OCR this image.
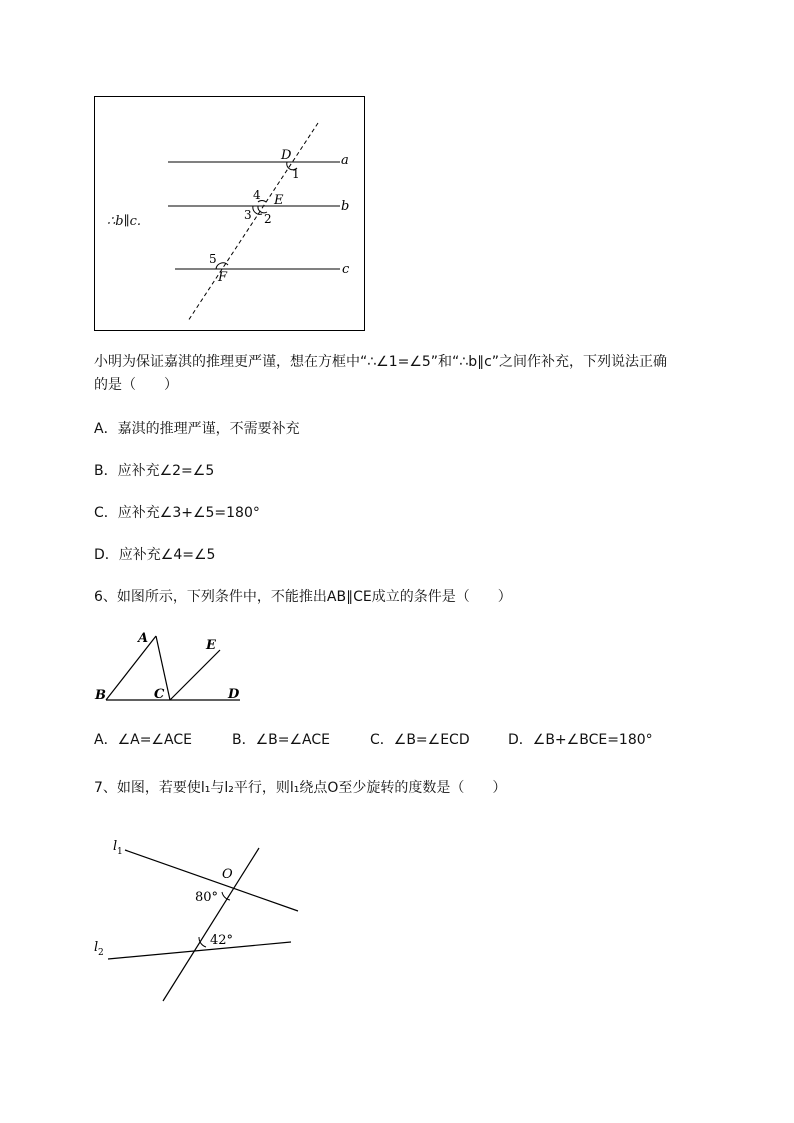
∴b∥c.
D
1
a
4 E
3 2
b
5
F
c
小明为保证嘉淇的推理更严谨，想在方框中“∴∠1=∠5”和“∴b∥c”之间作补充，下列说法正确
的是（　　）
A．嘉淇的推理严谨，不需要补充
B．应补充∠2=∠5
C．应补充∠3+∠5=180°
D．应补充∠4=∠5
6、如图所示，下列条件中，不能推出AB∥CE成立的条件是（　　）
A	E
B	C	D
A．∠A=∠ACE	B．∠B=∠ACE	C．∠B=∠ECD	D．∠B+∠BCE=180°
7、如图，若要使l₁与l₂平行，则l₁绕点O至少旋转的度数是（　　）
l 1
l 2
O
80°
42°
